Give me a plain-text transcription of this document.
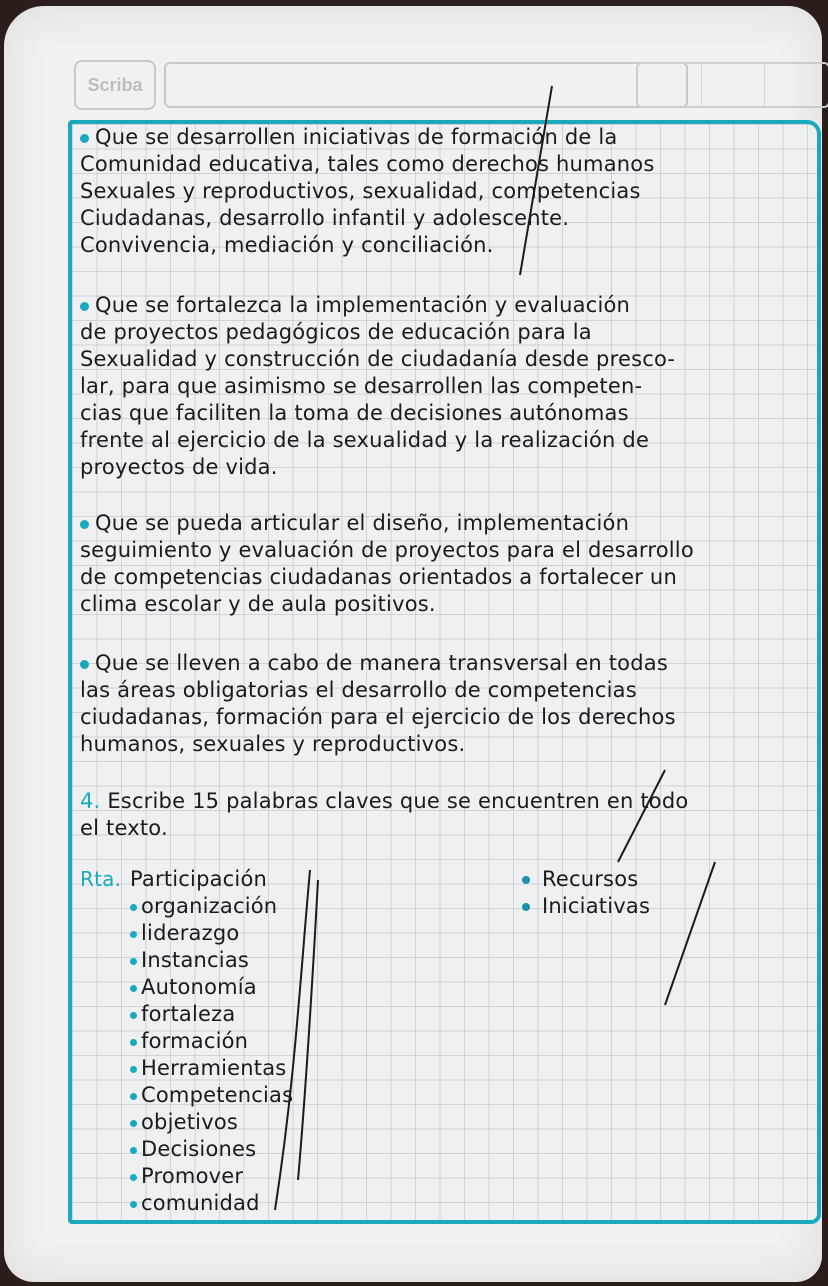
Scriba
Que se desarrollen iniciativas de formación de la
Comunidad educativa, tales como derechos humanos
Sexuales y reproductivos, sexualidad, competencias
Ciudadanas, desarrollo infantil y adolescente.
Convivencia, mediación y conciliación.
Que se fortalezca la implementación y evaluación
de proyectos pedagógicos de educación para la
Sexualidad y construcción de ciudadanía desde presco-
lar, para que asimismo se desarrollen las competen-
cias que faciliten la toma de decisiones autónomas
frente al ejercicio de la sexualidad y la realización de
proyectos de vida.
Que se pueda articular el diseño, implementación
seguimiento y evaluación de proyectos para el desarrollo
de competencias ciudadanas orientados a fortalecer un
clima escolar y de aula positivos.
Que se lleven a cabo de manera transversal en todas
las áreas obligatorias el desarrollo de competencias
ciudadanas, formación para el ejercicio de los derechos
humanos, sexuales y reproductivos.
4. Escribe 15 palabras claves que se encuentren en todo
el texto.
Rta. Participación
organización
liderazgo
Instancias
Autonomía
fortaleza
formación
Herramientas
Competencias
objetivos
Decisiones
Promover
comunidad
Recursos
Iniciativas
